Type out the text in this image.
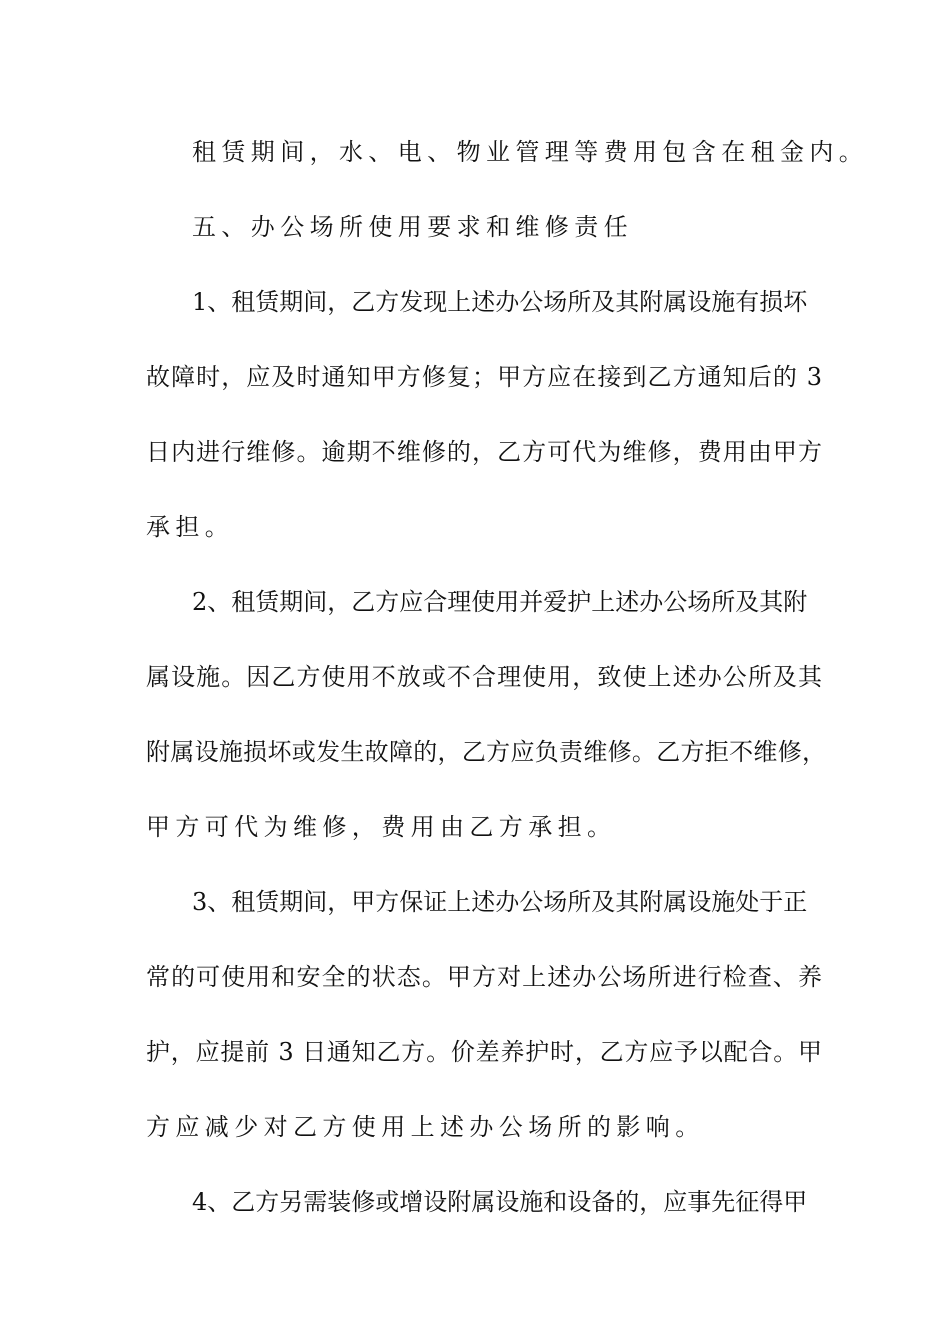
租赁期间，水、电、物业管理等费用包含在租金内。
五、办公场所使用要求和维修责任
1、租赁期间，乙方发现上述办公场所及其附属设施有损坏
故障时，应及时通知甲方修复；甲方应在接到乙方通知后的 3
日内进行维修。逾期不维修的，乙方可代为维修，费用由甲方
承担。
2、租赁期间，乙方应合理使用并爱护上述办公场所及其附
属设施。因乙方使用不放或不合理使用，致使上述办公所及其
附属设施损坏或发生故障的，乙方应负责维修。乙方拒不维修，
甲方可代为维修，费用由乙方承担。
3、租赁期间，甲方保证上述办公场所及其附属设施处于正
常的可使用和安全的状态。甲方对上述办公场所进行检查、养
护，应提前 3 日通知乙方。价差养护时，乙方应予以配合。甲
方应减少对乙方使用上述办公场所的影响。
4、乙方另需装修或增设附属设施和设备的，应事先征得甲
